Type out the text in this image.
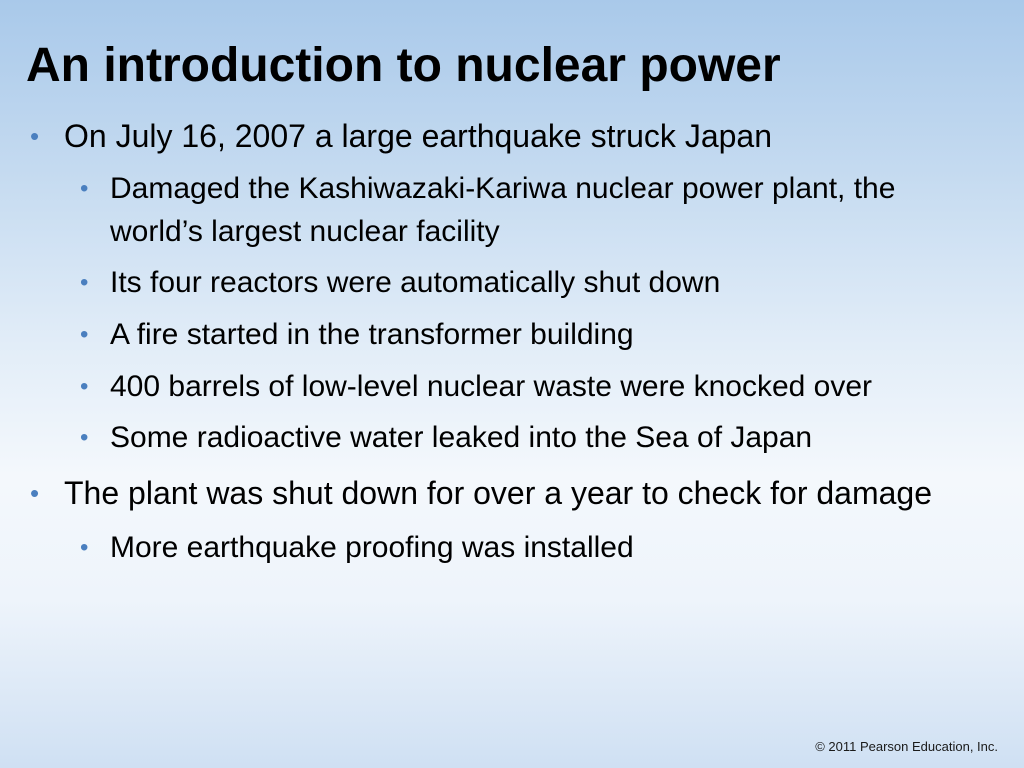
An introduction to nuclear power
• On July 16, 2007 a large earthquake struck Japan
• Damaged the Kashiwazaki-Kariwa nuclear power plant, the world’s largest nuclear facility
• Its four reactors were automatically shut down
• A fire started in the transformer building
• 400 barrels of low-level nuclear waste were knocked over
• Some radioactive water leaked into the Sea of Japan
• The plant was shut down for over a year to check for damage
• More earthquake proofing was installed
© 2011 Pearson Education, Inc.
